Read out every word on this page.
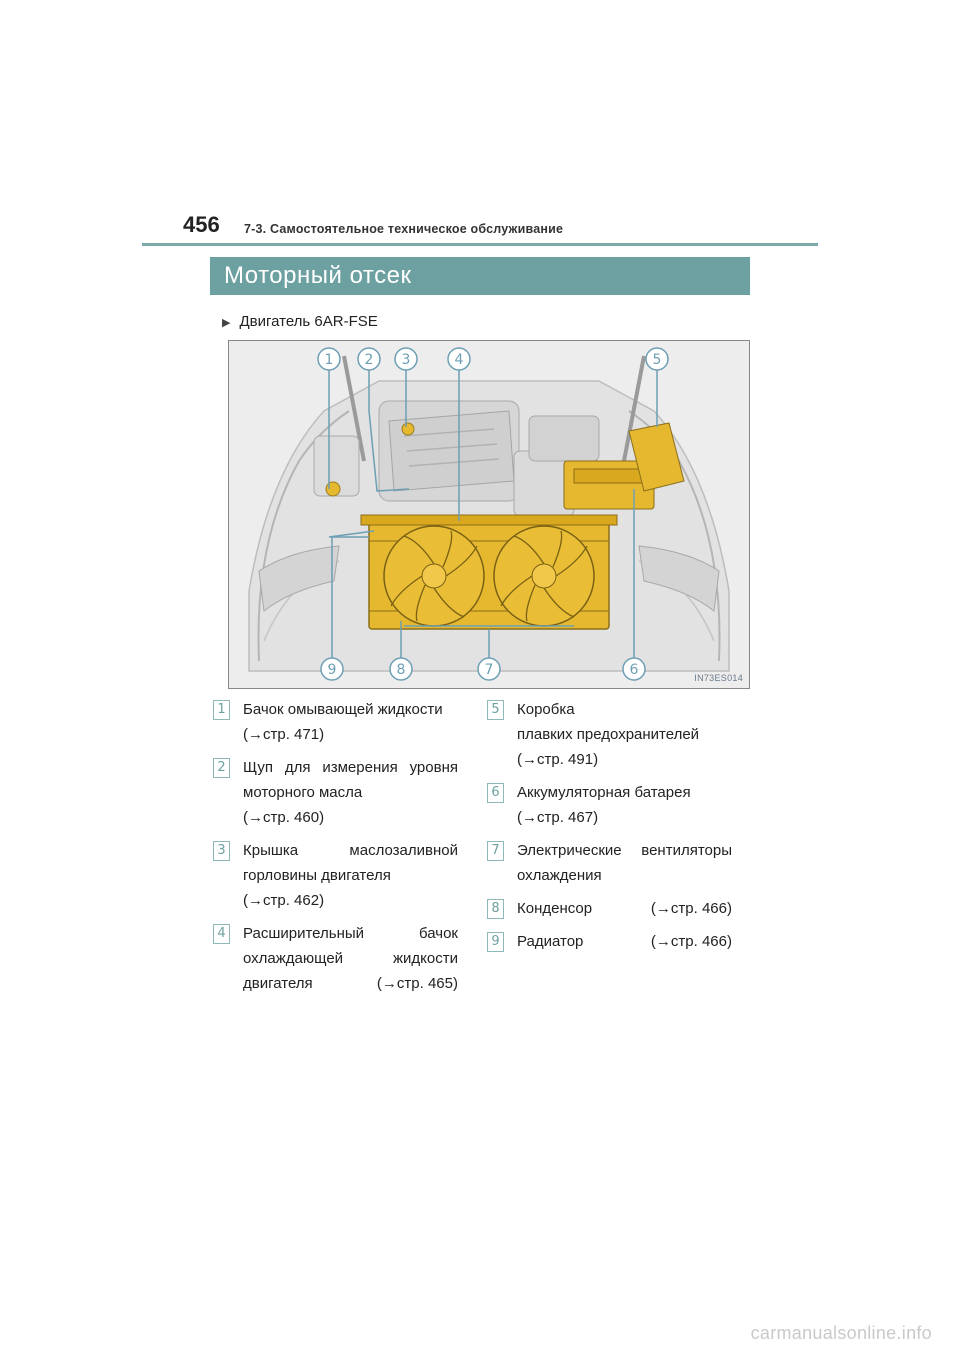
456 7-3. Самостоятельное техническое обслуживание
Моторный отсек
▶ Двигатель 6AR-FSE
1 2 3	4	5
6
7
8
9	IN73ES014
1 Бачок омывающей жидкости
(→стр. 471)
2 Щуп для измерения уровня
моторного масла
(→стр. 460)
3 Крышка маслозаливной
горловины двигателя
(→стр. 462)
4 Расширительный бачок
охлаждающей жидкости
двигателя	(→стр. 465)
5 Коробка
плавких предохранителей
(→стр. 491)
6 Аккумуляторная батарея
(→стр. 467)
7 Электрические вентиляторы
охлаждения
8 Конденсор	(→стр. 466)
9 Радиатор	(→стр. 466)
carmanualsonline.info
